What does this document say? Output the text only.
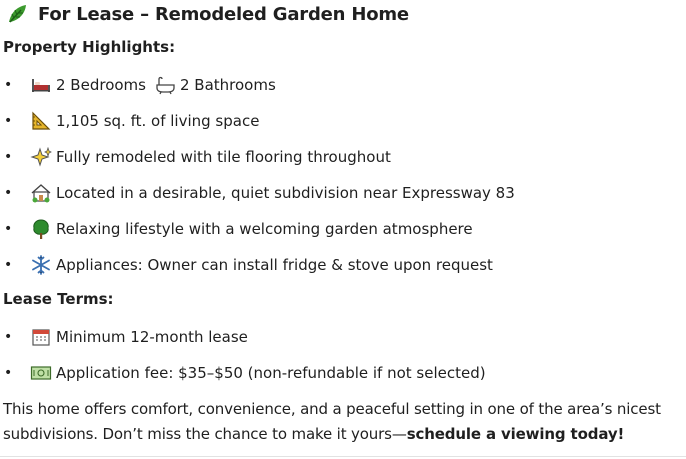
For Lease – Remodeled Garden Home
Property Highlights:
•	2 Bedrooms 2 Bathrooms
•	1,105 sq. ft. of living space
•	Fully remodeled with tile flooring throughout
•	Located in a desirable, quiet subdivision near Expressway 83
•	Relaxing lifestyle with a welcoming garden atmosphere
•	Appliances: Owner can install fridge & stove upon request
Lease Terms:
•	Minimum 12-month lease
•	Application fee: $35–$50 (non-refundable if not selected)
This home offers comfort, convenience, and a peaceful setting in one of the area’s nicest subdivisions. Don’t miss the chance to make it yours—schedule a viewing today!
